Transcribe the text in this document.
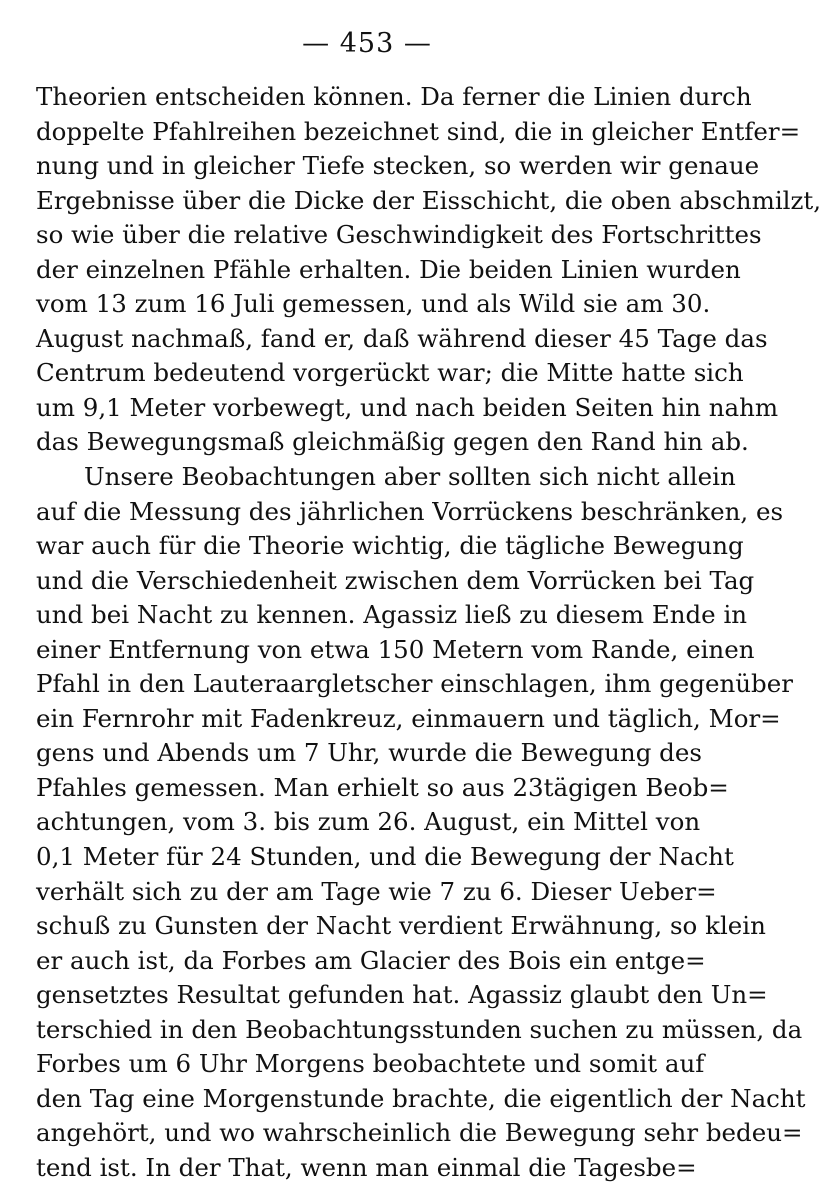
— 453 —
Theorien entscheiden können. Da ferner die Linien durch
doppelte Pfahlreihen bezeichnet sind, die in gleicher Entfer=
nung und in gleicher Tiefe stecken, so werden wir genaue
Ergebnisse über die Dicke der Eisschicht, die oben abschmilzt,
so wie über die relative Geschwindigkeit des Fortschrittes
der einzelnen Pfähle erhalten. Die beiden Linien wurden
vom 13 zum 16 Juli gemessen, und als Wild sie am 30.
August nachmaß, fand er, daß während dieser 45 Tage das
Centrum bedeutend vorgerückt war; die Mitte hatte sich
um 9,1 Meter vorbewegt, und nach beiden Seiten hin nahm
das Bewegungsmaß gleichmäßig gegen den Rand hin ab.
Unsere Beobachtungen aber sollten sich nicht allein
auf die Messung des jährlichen Vorrückens beschränken, es
war auch für die Theorie wichtig, die tägliche Bewegung
und die Verschiedenheit zwischen dem Vorrücken bei Tag
und bei Nacht zu kennen. Agassiz ließ zu diesem Ende in
einer Entfernung von etwa 150 Metern vom Rande, einen
Pfahl in den Lauteraargletscher einschlagen, ihm gegenüber
ein Fernrohr mit Fadenkreuz, einmauern und täglich, Mor=
gens und Abends um 7 Uhr, wurde die Bewegung des
Pfahles gemessen. Man erhielt so aus 23tägigen Beob=
achtungen, vom 3. bis zum 26. August, ein Mittel von
0,1 Meter für 24 Stunden, und die Bewegung der Nacht
verhält sich zu der am Tage wie 7 zu 6. Dieser Ueber=
schuß zu Gunsten der Nacht verdient Erwähnung, so klein
er auch ist, da Forbes am Glacier des Bois ein entge=
gensetztes Resultat gefunden hat. Agassiz glaubt den Un=
terschied in den Beobachtungsstunden suchen zu müssen, da
Forbes um 6 Uhr Morgens beobachtete und somit auf
den Tag eine Morgenstunde brachte, die eigentlich der Nacht
angehört, und wo wahrscheinlich die Bewegung sehr bedeu=
tend ist. In der That, wenn man einmal die Tagesbe=
